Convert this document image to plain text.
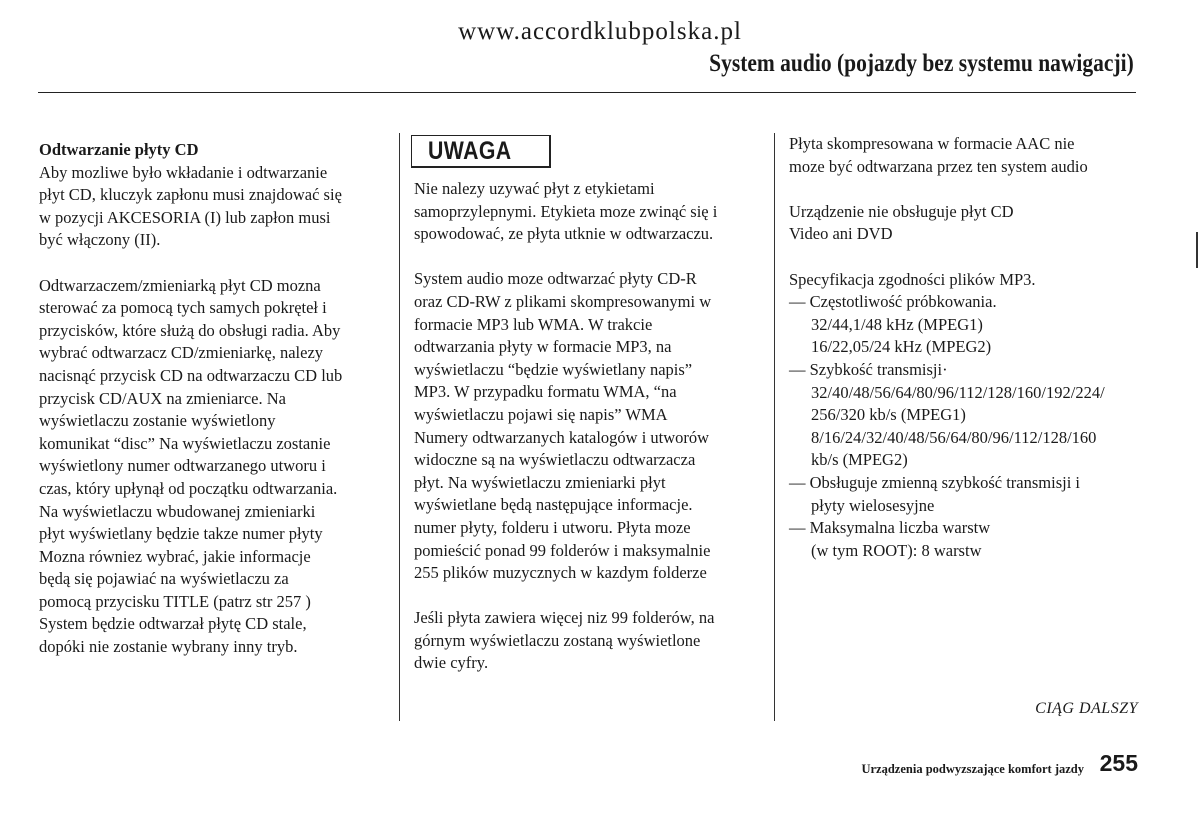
www.accordklubpolska.pl
System audio (pojazdy bez systemu nawigacji)
Odtwarzanie płyty CD

Aby mozliwe było wkładanie i odtwarzanie
płyt CD, kluczyk zapłonu musi znajdować się
w pozycji AKCESORIA (I) lub zapłon musi
być włączony (II).

Odtwarzaczem/zmieniarką płyt CD mozna
sterować za pomocą tych samych pokręteł i
przycisków, które służą do obsługi radia. Aby
wybrać odtwarzacz CD/zmieniarkę, nalezy
nacisnąć przycisk CD na odtwarzaczu CD lub
przycisk CD/AUX na zmieniarce. Na
wyświetlaczu zostanie wyświetlony
komunikat “disc” Na wyświetlaczu zostanie
wyświetlony numer odtwarzanego utworu i
czas, który upłynął od początku odtwarzania.
Na wyświetlaczu wbudowanej zmieniarki
płyt wyświetlany będzie takze numer płyty
Mozna równiez wybrać, jakie informacje
będą się pojawiać na wyświetlaczu za
pomocą przycisku TITLE (patrz str 257 )
System będzie odtwarzał płytę CD stale,
dopóki nie zostanie wybrany inny tryb.

UWAGA

Nie nalezy uzywać płyt z etykietami
samoprzylepnymi. Etykieta moze zwinąć się i
spowodować, ze płyta utknie w odtwarzaczu.

System audio moze odtwarzać płyty CD-R
oraz CD-RW z plikami skompresowanymi w
formacie MP3 lub WMA. W trakcie
odtwarzania płyty w formacie MP3, na
wyświetlaczu “będzie wyświetlany napis”
MP3. W przypadku formatu WMA, “na
wyświetlaczu pojawi się napis” WMA
Numery odtwarzanych katalogów i utworów
widoczne są na wyświetlaczu odtwarzacza
płyt. Na wyświetlaczu zmieniarki płyt
wyświetlane będą następujące informacje.
numer płyty, folderu i utworu. Płyta moze
pomieścić ponad 99 folderów i maksymalnie
255 plików muzycznych w kazdym folderze

Jeśli płyta zawiera więcej niz 99 folderów, na
górnym wyświetlaczu zostaną wyświetlone
dwie cyfry.

Płyta skompresowana w formacie AAC nie
moze być odtwarzana przez ten system audio

Urządzenie nie obsługuje płyt CD
Video ani DVD

Specyfikacja zgodności plików MP3.
— Częstotliwość próbkowania.
32/44,1/48 kHz (MPEG1)
16/22,05/24 kHz (MPEG2)
— Szybkość transmisji·
32/40/48/56/64/80/96/112/128/160/192/224/
256/320 kb/s (MPEG1)
8/16/24/32/40/48/56/64/80/96/112/128/160
kb/s (MPEG2)
— Obsługuje zmienną szybkość transmisji i
płyty wielosesyjne
— Maksymalna liczba warstw
(w tym ROOT): 8 warstw
CIĄG DALSZY
Urządzenia podwyzszające komfort jazdy 255
